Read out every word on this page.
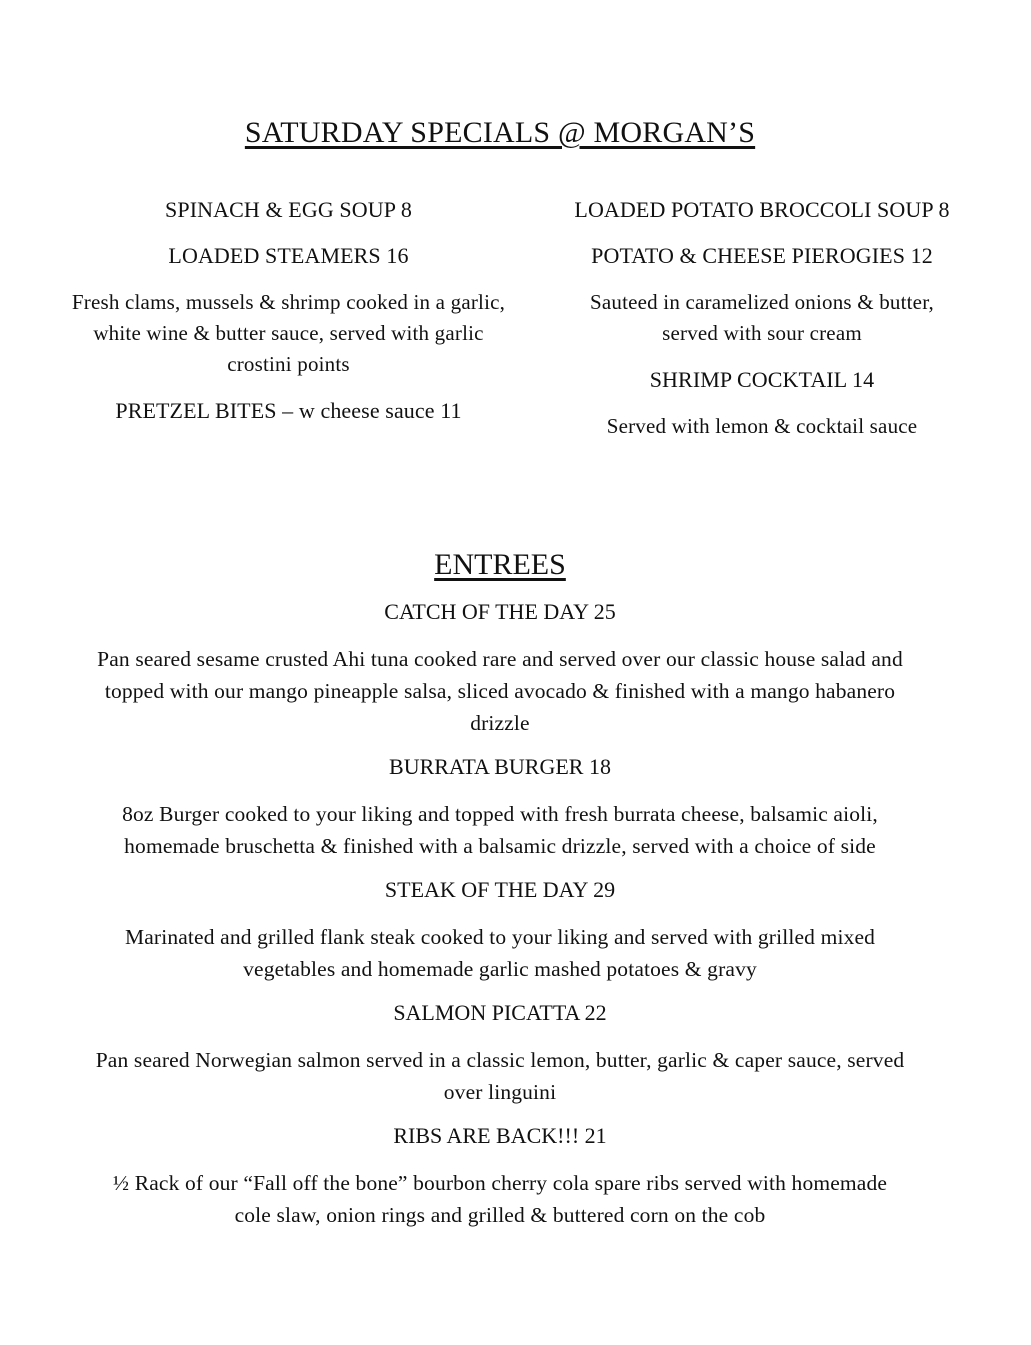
SATURDAY SPECIALS @ MORGAN’S
SPINACH & EGG SOUP 8
LOADED STEAMERS 16
Fresh clams, mussels & shrimp cooked in a garlic,
white wine & butter sauce, served with garlic
crostini points
PRETZEL BITES – w cheese sauce 11
LOADED POTATO BROCCOLI SOUP 8
POTATO & CHEESE PIEROGIES 12
Sauteed in caramelized onions & butter,
served with sour cream
SHRIMP COCKTAIL 14
Served with lemon & cocktail sauce
ENTREES
CATCH OF THE DAY 25
Pan seared sesame crusted Ahi tuna cooked rare and served over our classic house salad and
topped with our mango pineapple salsa, sliced avocado & finished with a mango habanero
drizzle
BURRATA BURGER 18
8oz Burger cooked to your liking and topped with fresh burrata cheese, balsamic aioli,
homemade bruschetta & finished with a balsamic drizzle, served with a choice of side
STEAK OF THE DAY 29
Marinated and grilled flank steak cooked to your liking and served with grilled mixed
vegetables and homemade garlic mashed potatoes & gravy
SALMON PICATTA 22
Pan seared Norwegian salmon served in a classic lemon, butter, garlic & caper sauce, served
over linguini
RIBS ARE BACK!!! 21
½ Rack of our “Fall off the bone” bourbon cherry cola spare ribs served with homemade
cole slaw, onion rings and grilled & buttered corn on the cob
